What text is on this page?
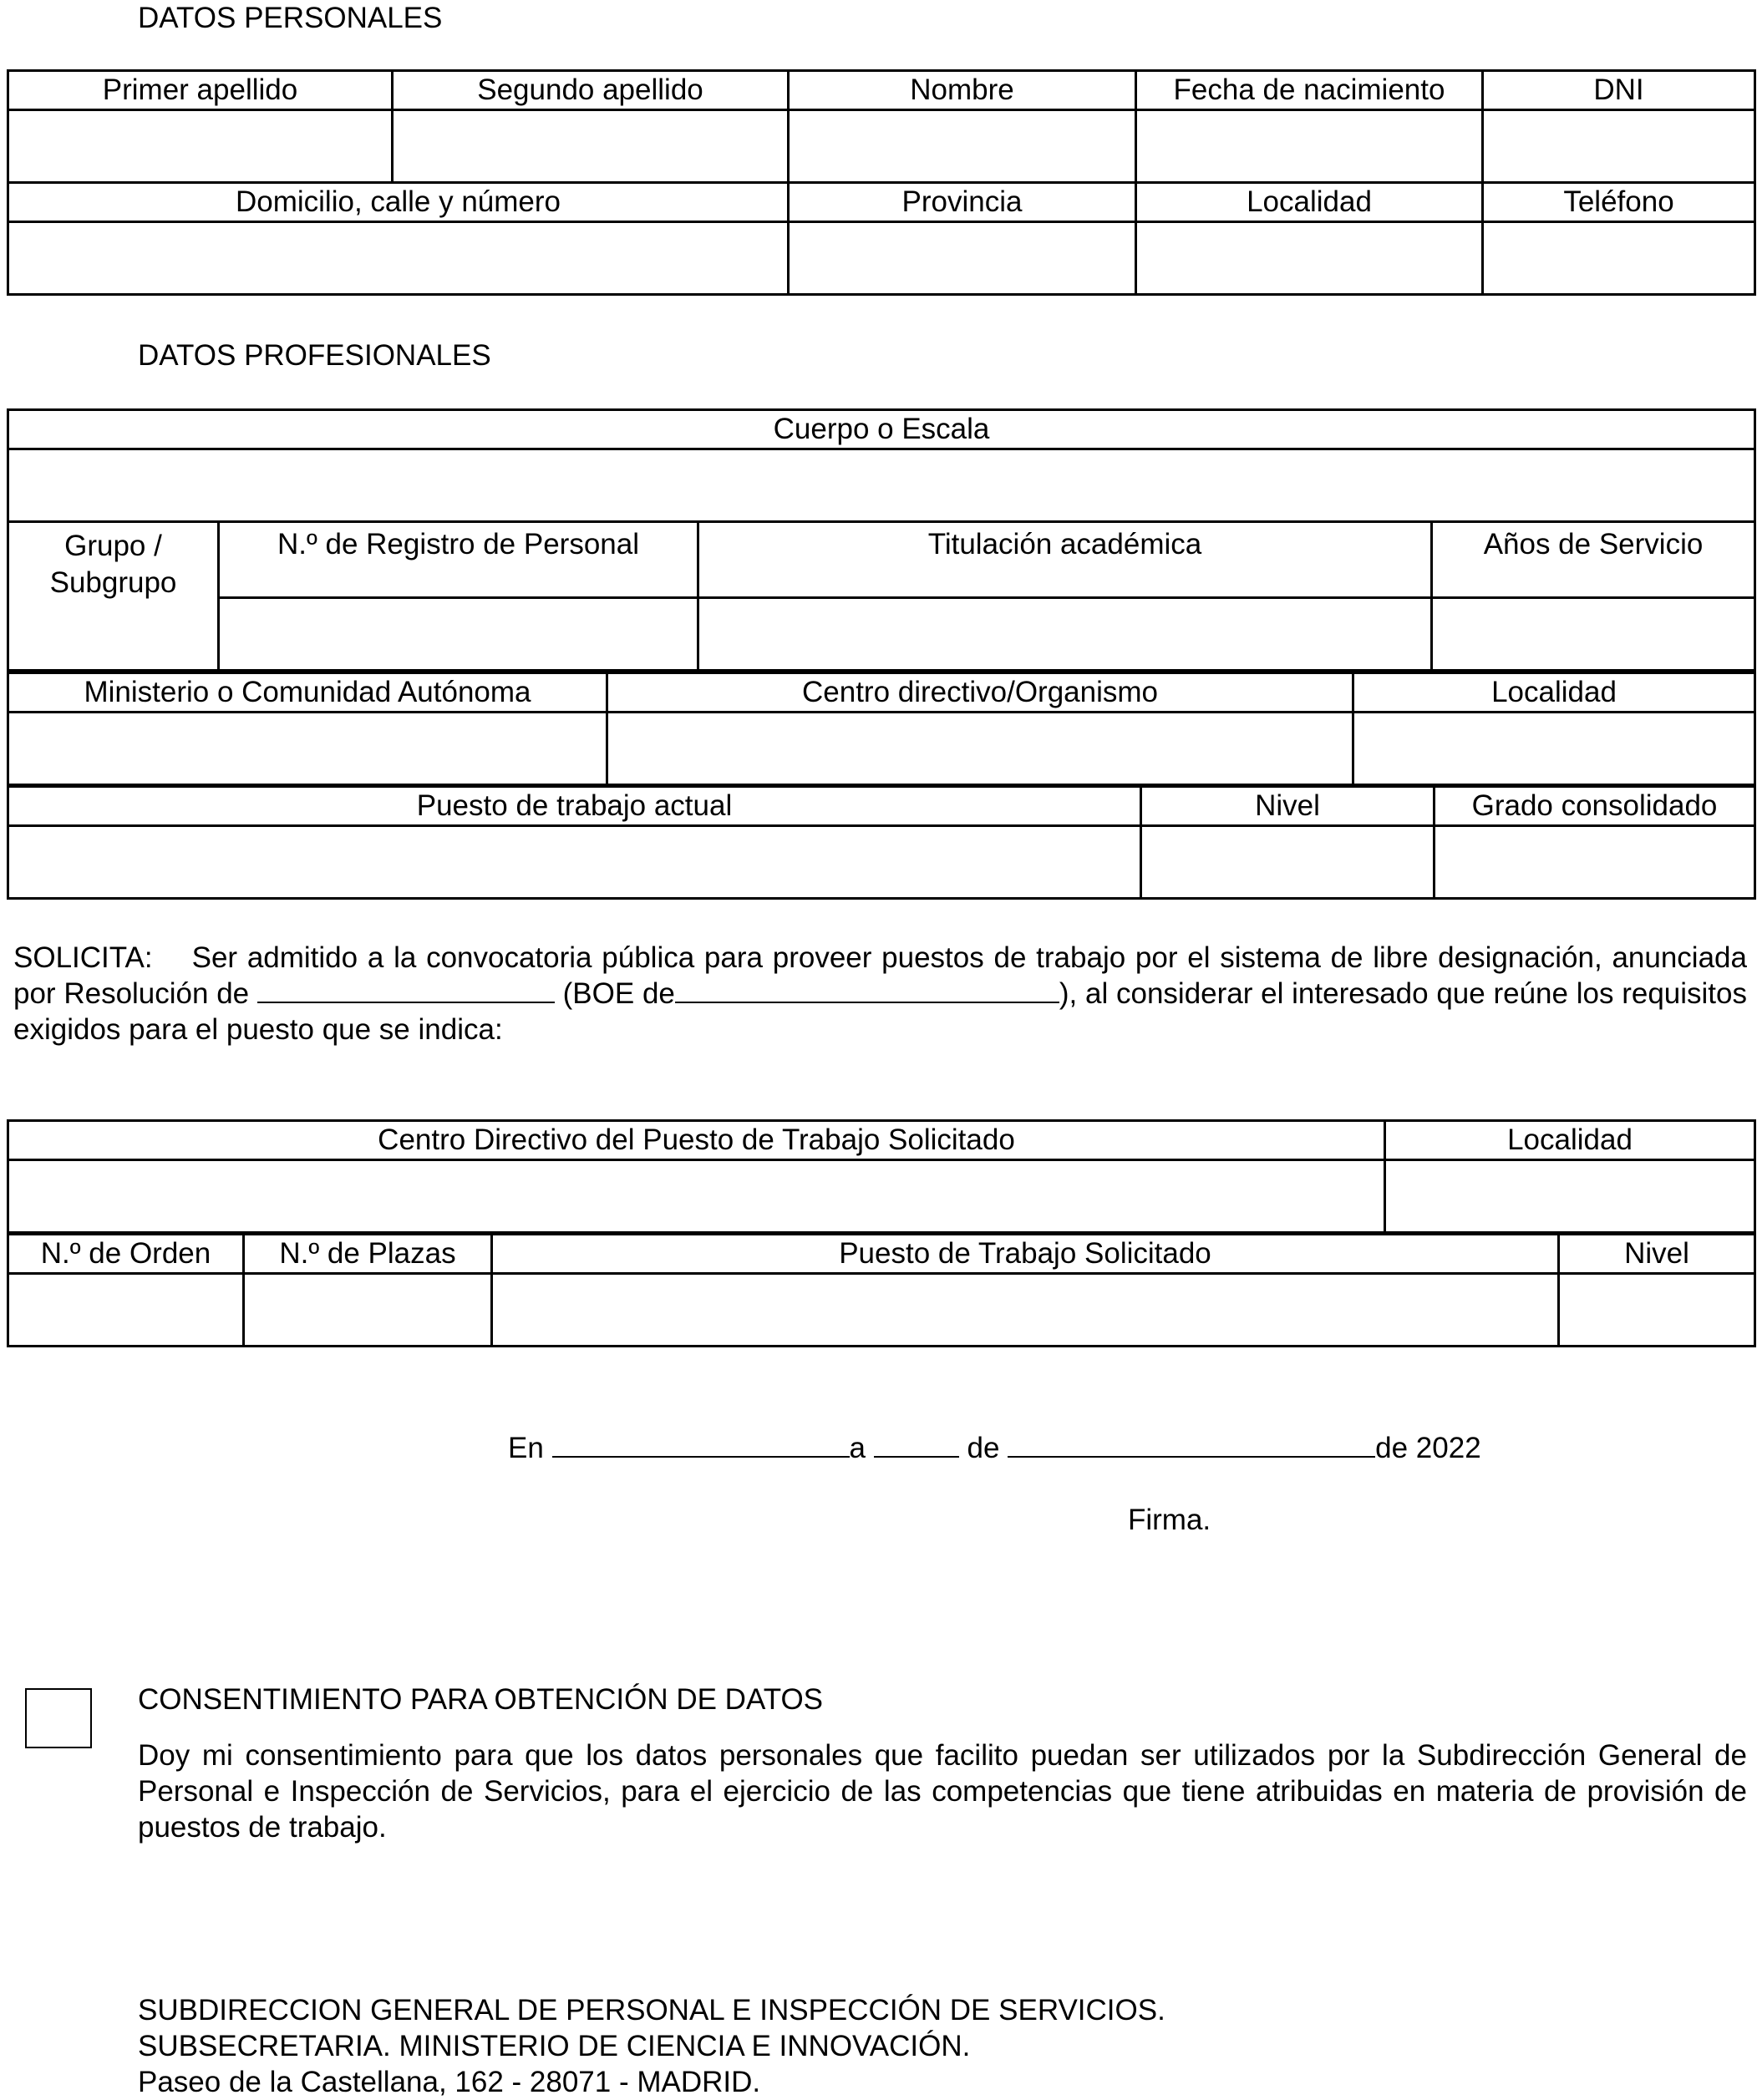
DATOS PERSONALES
Primer apellido	Segundo apellido	Nombre	Fecha de nacimiento	DNI

Domicilio, calle y número		Provincia	Localidad	Teléfono

DATOS PROFESIONALES
Cuerpo o Escala			

Grupo / Subgrupo	N.º de Registro de Personal	Titulación académica	Años de Servicio

Ministerio o Comunidad Autónoma	Centro directivo/Organismo	Localidad

Puesto de trabajo actual	Nivel	Grado consolidado

SOLICITA: Ser admitido a la convocatoria pública para proveer puestos de trabajo por el sistema de libre designación, anunciada por Resolución de	(BOE de	), al considerar el interesado que reúne los requisitos exigidos para el puesto que se indica:
Centro Directivo del Puesto de Trabajo Solicitado	Localidad

N.º de Orden	N.º de Plazas	Puesto de Trabajo Solicitado	Nivel

En	a	de	de 2022
Firma.
CONSENTIMIENTO PARA OBTENCIÓN DE DATOS
Doy mi consentimiento para que los datos personales que facilito puedan ser utilizados por la Subdirección General de Personal e Inspección de Servicios, para el ejercicio de las competencias que tiene atribuidas en materia de provisión de puestos de trabajo.
SUBDIRECCION GENERAL DE PERSONAL E INSPECCIÓN DE SERVICIOS.
SUBSECRETARIA. MINISTERIO DE CIENCIA E INNOVACIÓN.
Paseo de la Castellana, 162 - 28071 - MADRID.
